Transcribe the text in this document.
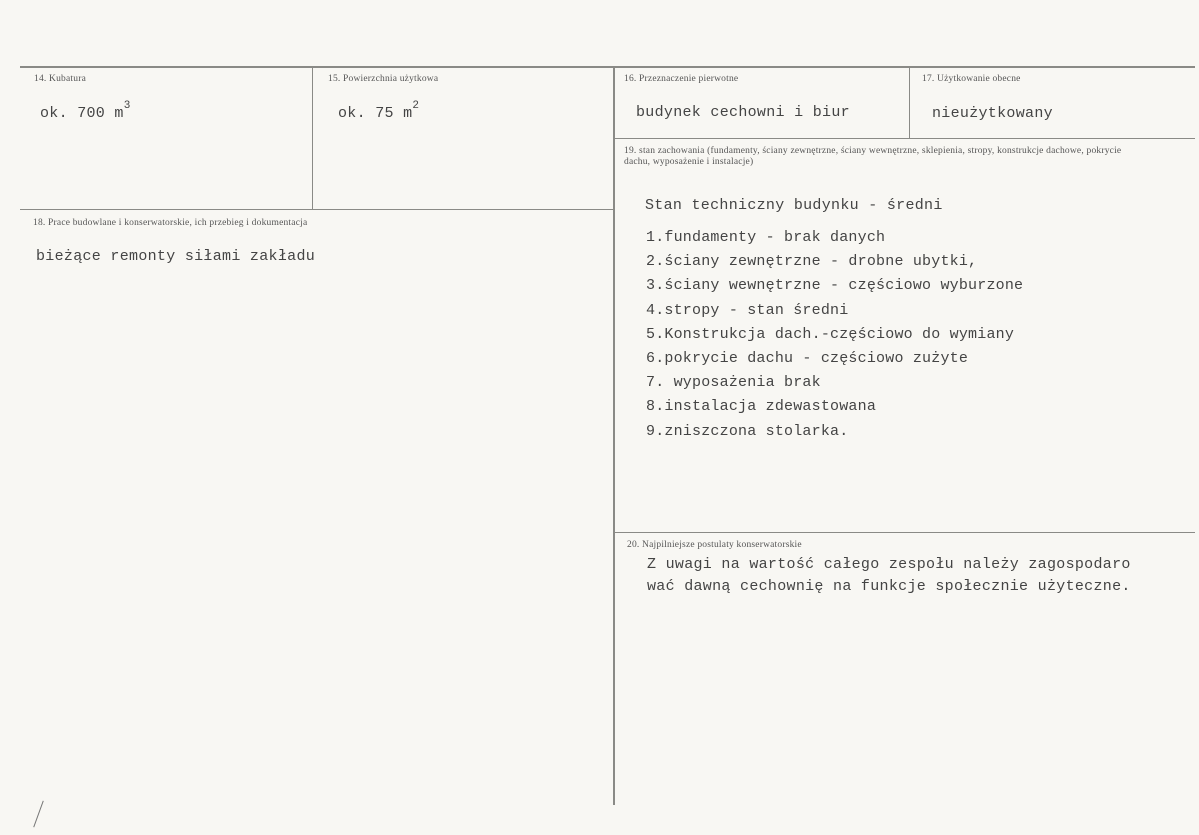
14. Kubatura
ok. 700 $m^3$
15. Powierzchnia użytkowa
ok. 75 $m^2$
16. Przeznaczenie pierwotne
budynek cechowni i biur
17. Użytkowanie obecne
nieużytkowany
18. Prace budowlane i konserwatorskie, ich przebieg i dokumentacja
bieżące remonty siłami zakładu
19. stan zachowania (fundamenty, ściany zewnętrzne, ściany wewnętrzne, sklepienia, stropy, konstrukcje dachowe, pokrycie dachu, wyposażenie i instalacje)
Stan techniczny budynku - średni
1.fundamenty - brak danych
2.ściany zewnętrzne - drobne ubytki,
3.ściany wewnętrzne - częściowo wyburzone
4.stropy - stan średni
5.Konstrukcja dach.-częściowo do wymiany
6.pokrycie dachu - częściowo zużyte
7. wyposażenia brak
8.instalacja zdewastowana
9.zniszczona stolarka.
20. Najpilniejsze postulaty konserwatorskie
Z uwagi na wartość całego zespołu należy zagospodaro
wać dawną cechownię na funkcje społecznie użyteczne.
